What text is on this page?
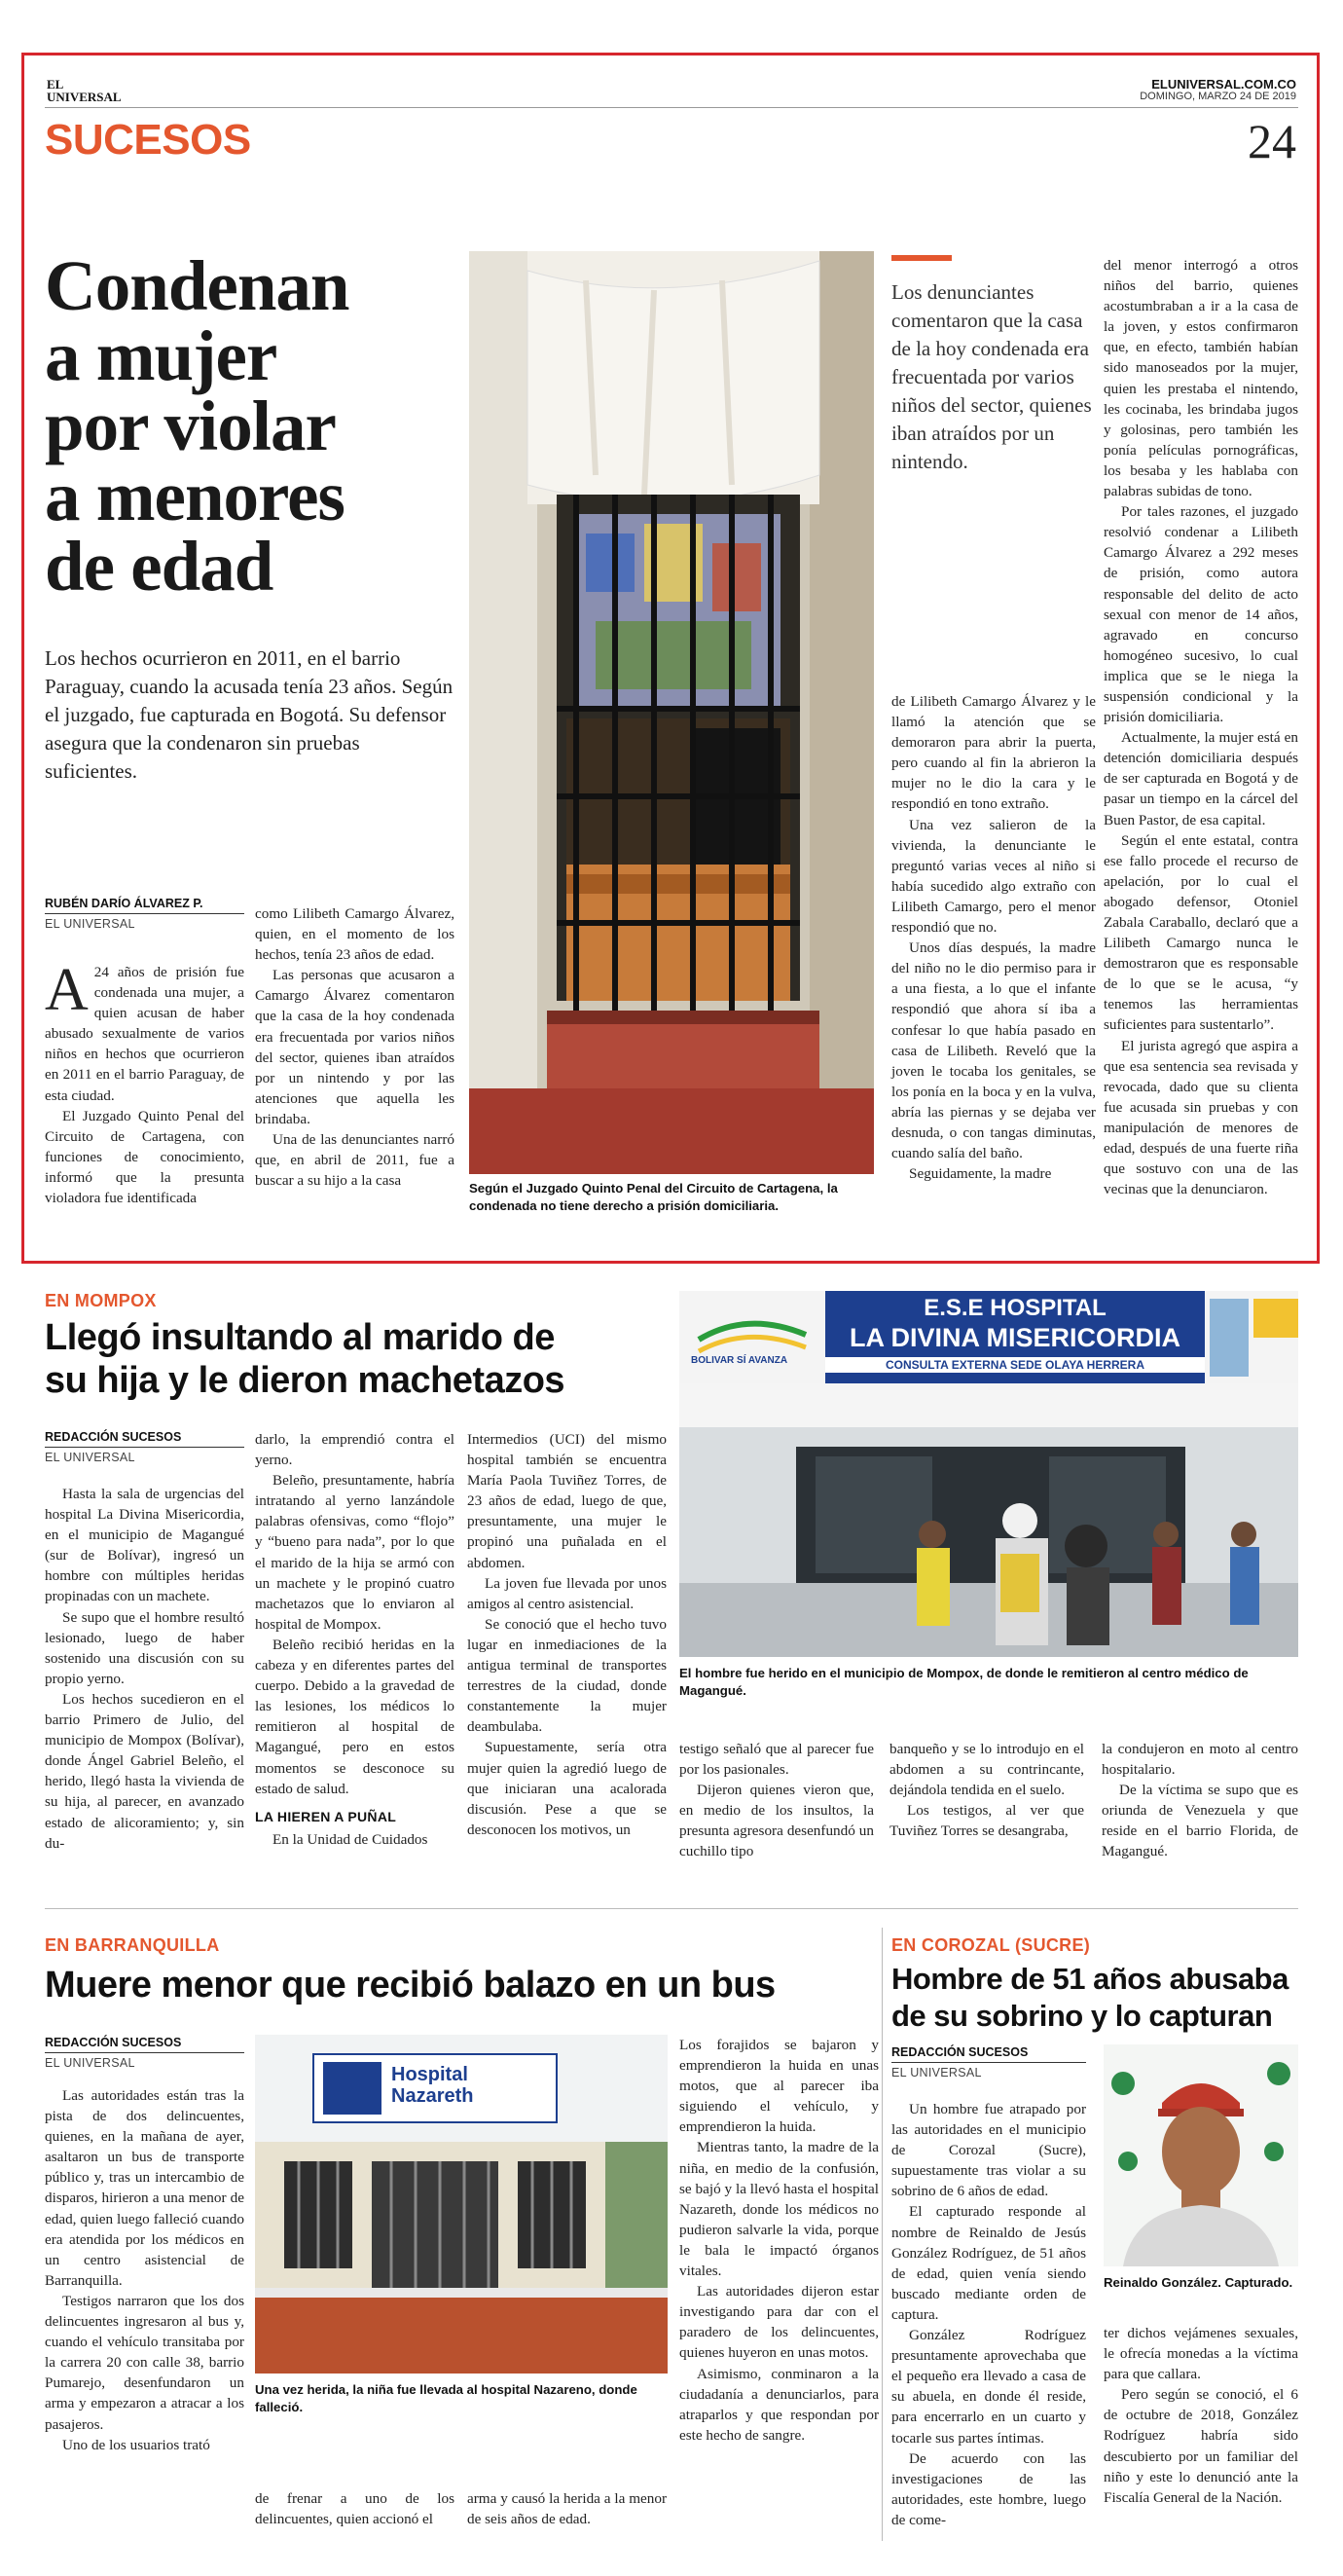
EL
UNIVERSAL
ELUNIVERSAL.COM.CO
DOMINGO, MARZO 24 DE 2019
SUCESOS	24
Condenan
a mujer
por violar
a menores
de edad
Los hechos ocurrieron en 2011, en el barrio Paraguay, cuando la acusada tenía 23 años. Según el juzgado, fue capturada en Bogotá. Su defensor asegura que la condenaron sin pruebas suficientes.
RUBÉN DARÍO ÁLVAREZ P.
EL UNIVERSAL

A 24 años de prisión fue condenada una mujer, a quien acusan de haber abusado sexualmente de varios niños en hechos que ocurrieron en 2011 en el barrio Paraguay, de esta ciudad.

El Juzgado Quinto Penal del Circuito de Cartagena, con funciones de conocimiento, informó que la presunta violadora fue identificada

como Lilibeth Camargo Álvarez, quien, en el momento de los hechos, tenía 23 años de edad.

Las personas que acusaron a Camargo Álvarez comentaron que la casa de la hoy condenada era frecuentada por varios niños del sector, quienes iban atraídos por un nintendo y por las atenciones que aquella les brindaba.

Una de las denunciantes narró que, en abril de 2011, fue a buscar a su hijo a la casa	Según el Juzgado Quinto Penal del Circuito de Cartagena, la condenada no tiene derecho a prisión domiciliaria.
Los denunciantes comentaron que la casa de la hoy condenada era frecuentada por varios niños del sector, quienes iban atraídos por un nintendo.

de Lilibeth Camargo Álvarez y le llamó la atención que se demoraron para abrir la puerta, pero cuando al fin la abrieron la mujer no le dio la cara y le respondió en tono extraño.

Una vez salieron de la vivienda, la denunciante le preguntó varias veces al niño si había sucedido algo extraño con Lilibeth Camargo, pero el menor respondió que no.

Unos días después, la madre del niño no le dio permiso para ir a una fiesta, a lo que el infante respondió que ahora sí iba a confesar lo que había pasado en casa de Lilibeth. Reveló que la joven le tocaba los genitales, se los ponía en la boca y en la vulva, abría las piernas y se dejaba ver desnuda, o con tangas diminutas, cuando salía del baño.

Seguidamente, la madre

del menor interrogó a otros niños del barrio, quienes acostumbraban a ir a la casa de la joven, y estos confirmaron que, en efecto, también habían sido manoseados por la mujer, quien les prestaba el nintendo, les cocinaba, les brindaba jugos y golosinas, pero también les ponía películas pornográficas, los besaba y les hablaba con palabras subidas de tono.

Por tales razones, el juzgado resolvió condenar a Lilibeth Camargo Álvarez a 292 meses de prisión, como autora responsable del delito de acto sexual con menor de 14 años, agravado en concurso homogéneo sucesivo, lo cual implica que se le niega la suspensión condicional y la prisión domiciliaria.

Actualmente, la mujer está en detención domiciliaria después de ser capturada en Bogotá y de pasar un tiempo en la cárcel del Buen Pastor, de esa capital.

Según el ente estatal, contra ese fallo procede el recurso de apelación, por lo cual el abogado defensor, Otoniel Zabala Caraballo, declaró que a Lilibeth Camargo nunca le demostraron que es responsable de lo que se le acusa, “y tenemos las herramientas suficientes para sustentarlo”.

El jurista agregó que aspira a que esa sentencia sea revisada y revocada, dado que su clienta fue acusada sin pruebas y con manipulación de menores de edad, después de una fuerte riña que sostuvo con una de las vecinas que la denunciaron.

EN MOMPOX
Llegó insultando al marido de
su hija y le dieron machetazos
REDACCIÓN SUCESOS
EL UNIVERSAL

Hasta la sala de urgencias del hospital La Divina Misericordia, en el municipio de Magangué (sur de Bolívar), ingresó un hombre con múltiples heridas propinadas con un machete.

Se supo que el hombre resultó lesionado, luego de haber sostenido una discusión con su propio yerno.

Los hechos sucedieron en el barrio Primero de Julio, del municipio de Mompox (Bolívar), donde Ángel Gabriel Beleño, el herido, llegó hasta la vivienda de su hija, al parecer, en avanzado estado de alicoramiento; y, sin du-

darlo, la emprendió contra el yerno.

Beleño, presuntamente, habría intratando al yerno lanzándole palabras ofensivas, como “flojo” y “bueno para nada”, por lo que el marido de la hija se armó con un machete y le propinó cuatro machetazos que lo enviaron al hospital de Mompox.

Beleño recibió heridas en la cabeza y en diferentes partes del cuerpo. Debido a la gravedad de las lesiones, los médicos lo remitieron al hospital de Magangué, pero en estos momentos se desconoce su estado de salud.

LA HIEREN A PUÑAL

En la Unidad de Cuidados

Intermedios (UCI) del mismo hospital también se encuentra María Paola Tuviñez Torres, de 23 años de edad, luego de que, presuntamente, una mujer le propinó una puñalada en el abdomen.

La joven fue llevada por unos amigos al centro asistencial.

Se conoció que el hecho tuvo lugar en inmediaciones de la antigua terminal de transportes terrestres de la ciudad, donde constantemente la mujer deambulaba.

Supuestamente, sería otra mujer quien la agredió luego de que iniciaran una acalorada discusión. Pese a que se desconocen los motivos, un

E.S.E HOSPITAL
LA DIVINA MISERICORDIA
CONSULTA EXTERNA SEDE OLAYA HERRERA
BOLIVAR SÍ AVANZA
El hombre fue herido en el municipio de Mompox, de donde le remitieron al centro médico de Magangué.

testigo señaló que al parecer fue por los pasionales.

Dijeron quienes vieron que, en medio de los insultos, la presunta agresora desenfundó un cuchillo tipo

banqueño y se lo introdujo en el abdomen a su contrincante, dejándola tendida en el suelo.

Los testigos, al ver que Tuviñez Torres se desangraba,

la condujeron en moto al centro hospitalario.

De la víctima se supo que es oriunda de Venezuela y que reside en el barrio Florida, de Magangué.

EN BARRANQUILLA
Muere menor que recibió balazo en un bus
REDACCIÓN SUCESOS
EL UNIVERSAL

Las autoridades están tras la pista de dos delincuentes, quienes, en la mañana de ayer, asaltaron un bus de transporte público y, tras un intercambio de disparos, hirieron a una menor de edad, quien luego falleció cuando era atendida por los médicos en un centro asistencial de Barranquilla.

Testigos narraron que los dos delincuentes ingresaron al bus y, cuando el vehículo transitaba por la carrera 20 con calle 38, barrio Pumarejo, desenfundaron un arma y empezaron a atracar a los pasajeros.

Uno de los usuarios trató

Hospital
Nazareth
Una vez herida, la niña fue llevada al hospital Nazareno, donde falleció.

de frenar a uno de los delincuentes, quien accionó el

arma y causó la herida a la menor de seis años de edad.

Los forajidos se bajaron y emprendieron la huida en unas motos, que al parecer iba siguiendo el vehículo, y emprendieron la huida.

Mientras tanto, la madre de la niña, en medio de la confusión, se bajó y la llevó hasta el hospital Nazareth, donde los médicos no pudieron salvarle la vida, porque le bala le impactó órganos vitales.

Las autoridades dijeron estar investigando para dar con el paradero de los delincuentes, quienes huyeron en unas motos.

Asimismo, conminaron a la ciudadanía a denunciarlos, para atraparlos y que respondan por este hecho de sangre.

EN COROZAL (SUCRE)
Hombre de 51 años abusaba
de su sobrino y lo capturan
REDACCIÓN SUCESOS
EL UNIVERSAL

Un hombre fue atrapado por las autoridades en el municipio de Corozal (Sucre), supuestamente tras violar a su sobrino de 6 años de edad.

El capturado responde al nombre de Reinaldo de Jesús González Rodríguez, de 51 años de edad, quien venía siendo buscado mediante orden de captura.

González Rodríguez presuntamente aprovechaba que el pequeño era llevado a casa de su abuela, en donde él reside, para encerrarlo en un cuarto y tocarle sus partes íntimas.

De acuerdo con las investigaciones de las autoridades, este hombre, luego de come-

Reinaldo González. Capturado.

ter dichos vejámenes sexuales, le ofrecía monedas a la víctima para que callara.

Pero según se conoció, el 6 de octubre de 2018, González Rodríguez habría sido descubierto por un familiar del niño y este lo denunció ante la Fiscalía General de la Nación.
